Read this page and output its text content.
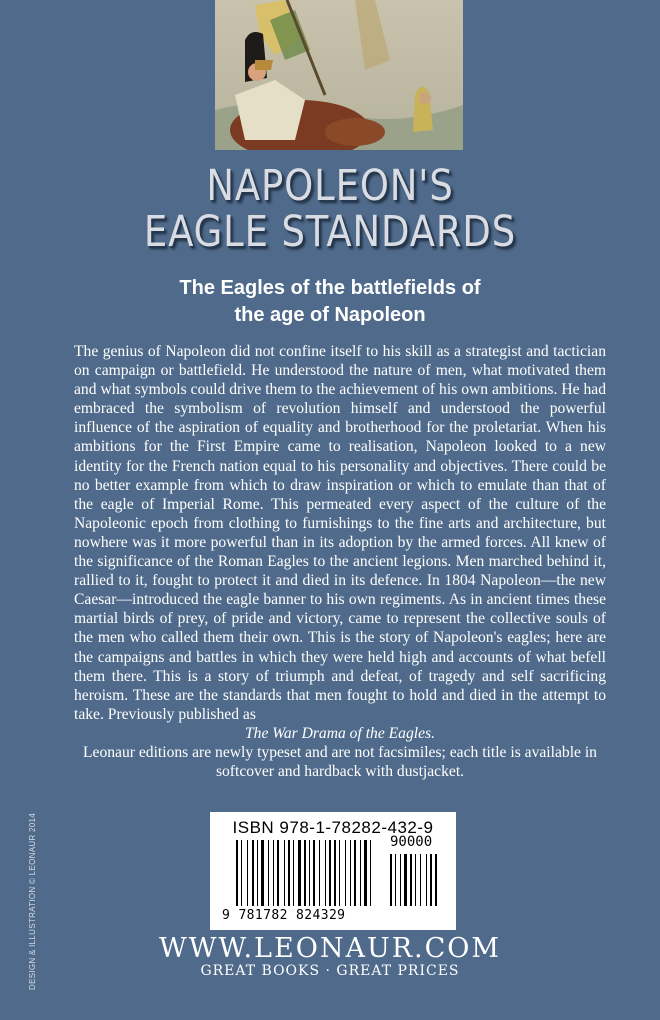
NAPOLEON'S
EAGLE STANDARDS
The Eagles of the battlefields of
the age of Napoleon

The genius of Napoleon did not confine itself to his skill as a strategist and tactician on campaign or battlefield. He understood the nature of men, what motivated them and what symbols could drive them to the achievement of his own ambitions. He had embraced the symbolism of revolution himself and understood the powerful influence of the aspiration of equality and brotherhood for the proletariat. When his ambitions for the First Empire came to realisation, Napoleon looked to a new identity for the French nation equal to his personality and objectives. There could be no better example from which to draw inspiration or which to emulate than that of the eagle of Imperial Rome. This permeated every aspect of the culture of the Napoleonic epoch from clothing to furnishings to the fine arts and architecture, but nowhere was it more powerful than in its adoption by the armed forces. All knew of the significance of the Roman Eagles to the ancient legions. Men marched behind it, rallied to it, fought to protect it and died in its defence. In 1804 Napoleon—the new Caesar—introduced the eagle banner to his own regiments. As in ancient times these martial birds of prey, of pride and victory, came to represent the collective souls of the men who called them their own. This is the story of Napoleon's eagles; here are the campaigns and battles in which they were held high and accounts of what befell them there. This is a story of triumph and defeat, of tragedy and self sacrificing heroism. These are the standards that men fought to hold and died in the attempt to take. Previously published as

The War Drama of the Eagles.

Leonaur editions are newly typeset and are not facsimiles; each title is available in softcover and hardback with dustjacket.

DESIGN & ILLUSTRATION © LEONAUR 2014	ISBN 978-1-78282-432-9
90000
9 781782 824329
WWW.LEONAUR.COM
GREAT BOOKS · GREAT PRICES
